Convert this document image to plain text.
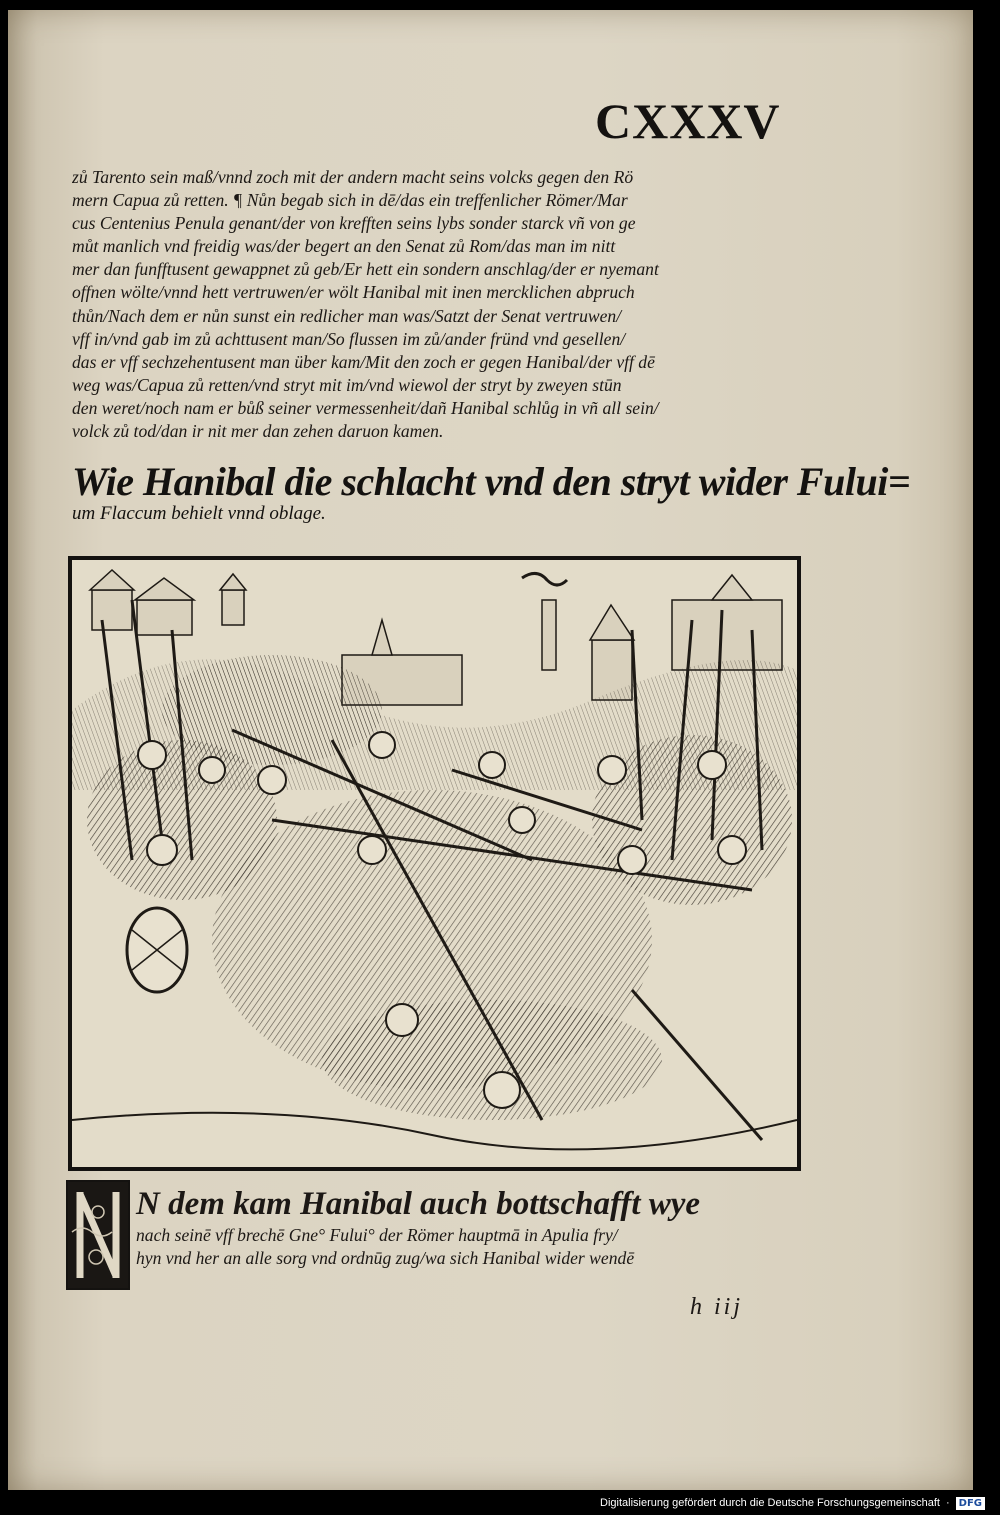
CXXXV
zů Tarento sein maß/vnnd zoch mit der andern macht seins volcks gegen den Rö
mern Capua zů retten. ¶ Nůn begab sich in dē/das ein treffenlicher Römer/Mar
cus Centenius Penula genant/der von krefften seins lybs sonder starck vñ von ge
můt manlich vnd freidig was/der begert an den Senat zů Rom/das man im nitt
mer dan funfftusent gewappnet zů geb/Er hett ein sondern anschlag/der er nyemant
offnen wölte/vnnd hett vertruwen/er wölt Hanibal mit inen mercklichen abpruch
thůn/Nach dem er nůn sunst ein redlicher man was/Satzt der Senat vertruwen/
vff in/vnd gab im zů achttusent man/So flussen im zů/ander fründ vnd gesellen/
das er vff sechzehentusent man über kam/Mit den zoch er gegen Hanibal/der vff dē
weg was/Capua zů retten/vnd stryt mit im/vnd wiewol der stryt by zweyen stūn
den weret/noch nam er bůß seiner vermessenheit/dañ Hanibal schlůg in vñ all sein/
volck zů tod/dan ir nit mer dan zehen daruon kamen.
Wie Hanibal die schlacht vnd den stryt wider Fului=
um Flaccum behielt vnnd oblage.
N dem kam Hanibal auch bottschafft wye
nach seinē vff brechē Gne° Fului° der Römer hauptmā in Apulia fry/
hyn vnd her an alle sorg vnd ordnūg zug/wa sich Hanibal wider wendē
h iij
Digitalisierung gefördert durch die Deutsche Forschungsgemeinschaft · DFG
